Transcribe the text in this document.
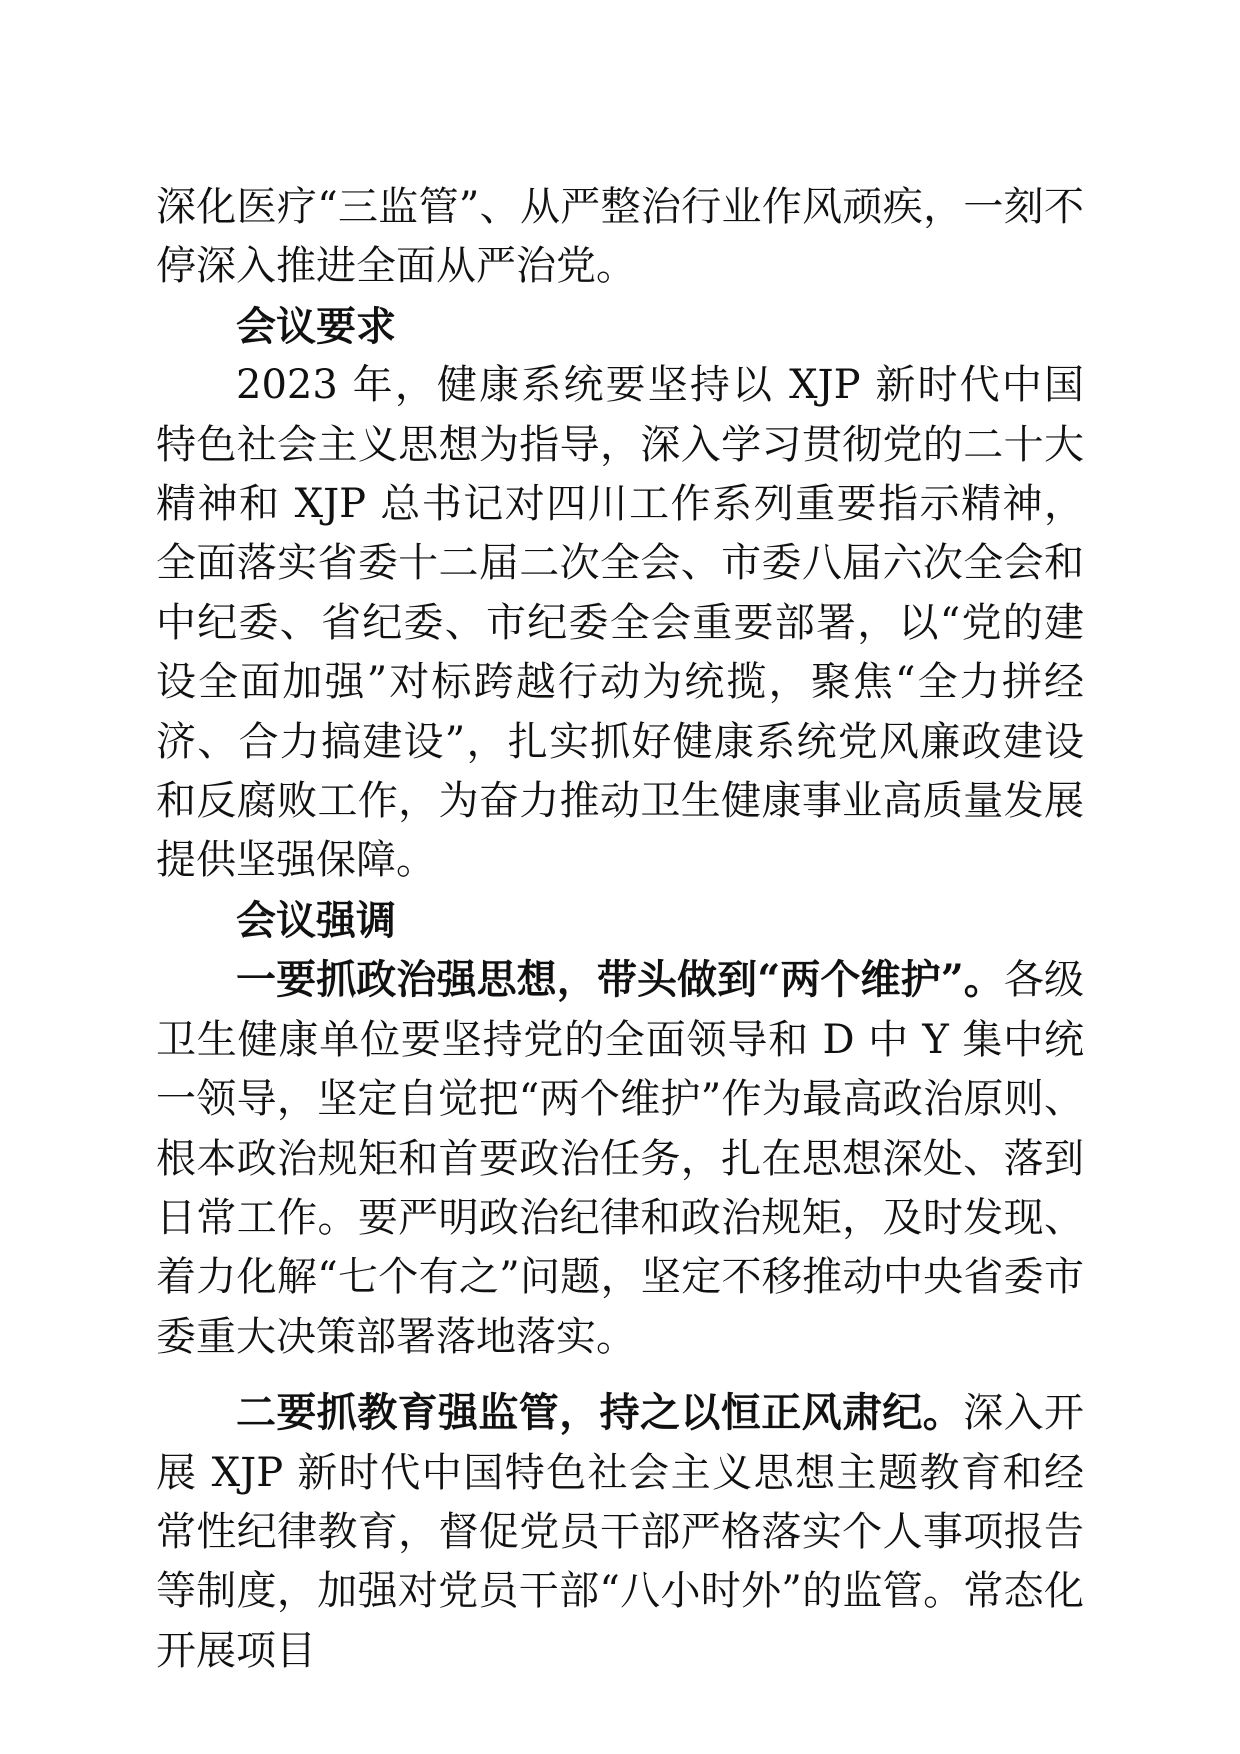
深化医疗“三监管”、从严整治行业作风顽疾，一刻不停深入推进全面从严治党。

会议要求

2023 年，健康系统要坚持以 XJP 新时代中国特色社会主义思想为指导，深入学习贯彻党的二十大精神和 XJP 总书记对四川工作系列重要指示精神，全面落实省委十二届二次全会、市委八届六次全会和中纪委、省纪委、市纪委全会重要部署，以“党的建设全面加强”对标跨越行动为统揽，聚焦“全力拼经济、合力搞建设”，扎实抓好健康系统党风廉政建设和反腐败工作，为奋力推动卫生健康事业高质量发展提供坚强保障。

会议强调

一要抓政治强思想，带头做到“两个维护”。各级卫生健康单位要坚持党的全面领导和 D 中 Y 集中统一领导，坚定自觉把“两个维护”作为最高政治原则、根本政治规矩和首要政治任务，扎在思想深处、落到日常工作。要严明政治纪律和政治规矩，及时发现、着力化解“七个有之”问题，坚定不移推动中央省委市委重大决策部署落地落实。

二要抓教育强监管，持之以恒正风肃纪。深入开展 XJP 新时代中国特色社会主义思想主题教育和经常性纪律教育，督促党员干部严格落实个人事项报告等制度，加强对党员干部“八小时外”的监管。常态化开展项目
